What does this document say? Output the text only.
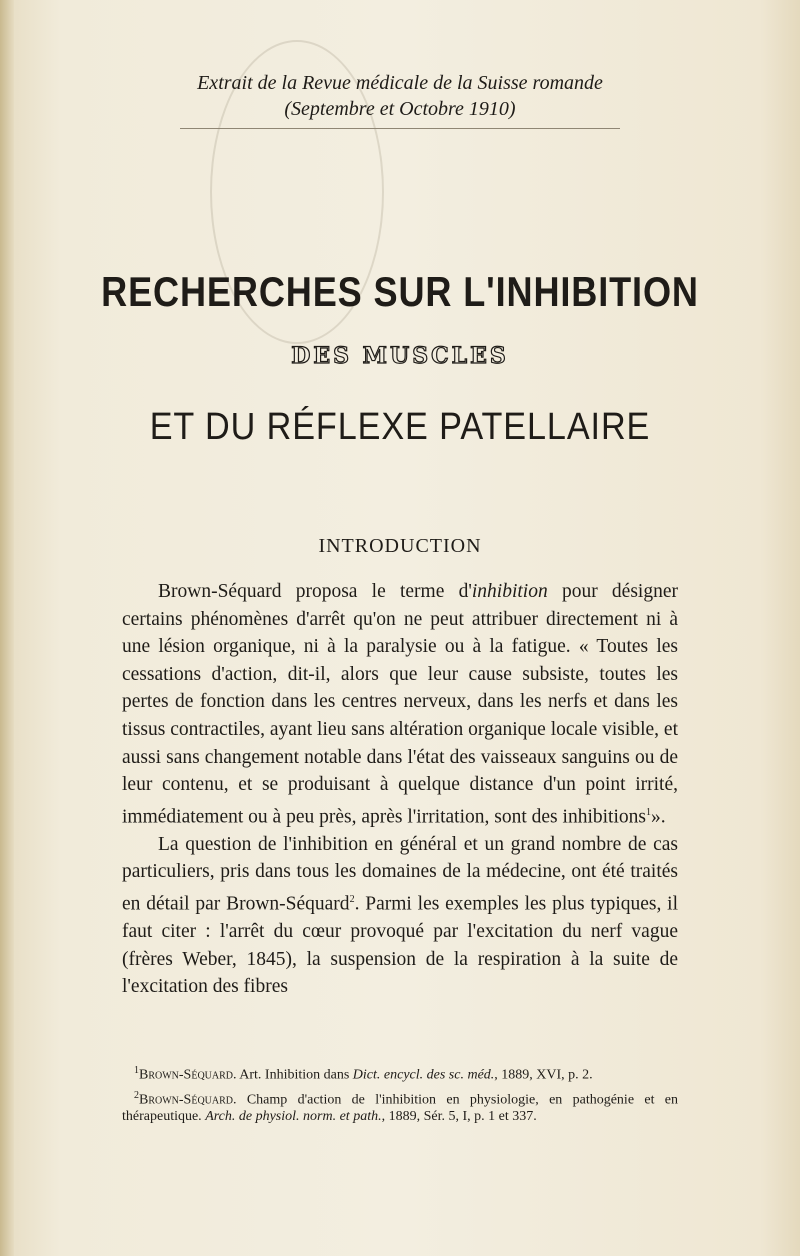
Extrait de la Revue médicale de la Suisse romande
(Septembre et Octobre 1910)
RECHERCHES SUR L'INHIBITION
DES MUSCLES
ET DU RÉFLEXE PATELLAIRE
INTRODUCTION

Brown-Séquard proposa le terme d'inhibition pour désigner certains phénomènes d'arrêt qu'on ne peut attribuer directement ni à une lésion organique, ni à la paralysie ou à la fatigue. « Toutes les cessations d'action, dit-il, alors que leur cause subsiste, toutes les pertes de fonction dans les centres nerveux, dans les nerfs et dans les tissus contractiles, ayant lieu sans altération organique locale visible, et aussi sans changement notable dans l'état des vaisseaux sanguins ou de leur contenu, et se produisant à quelque distance d'un point irrité, immédiatement ou à peu près, après l'irritation, sont des inhibitions$^1$».

La question de l'inhibition en général et un grand nombre de cas particuliers, pris dans tous les domaines de la médecine, ont été traités en détail par Brown-Séquard$^2$. Parmi les exemples les plus typiques, il faut citer : l'arrêt du cœur provoqué par l'excitation du nerf vague (frères Weber, 1845), la suspension de la respiration à la suite de l'excitation des fibres

$^1$Brown-Séquard. Art. Inhibition dans Dict. encycl. des sc. méd., 1889, XVI, p. 2.

$^2$Brown-Séquard. Champ d'action de l'inhibition en physiologie, en pathogénie et en thérapeutique. Arch. de physiol. norm. et path., 1889, Sér. 5, I, p. 1 et 337.
